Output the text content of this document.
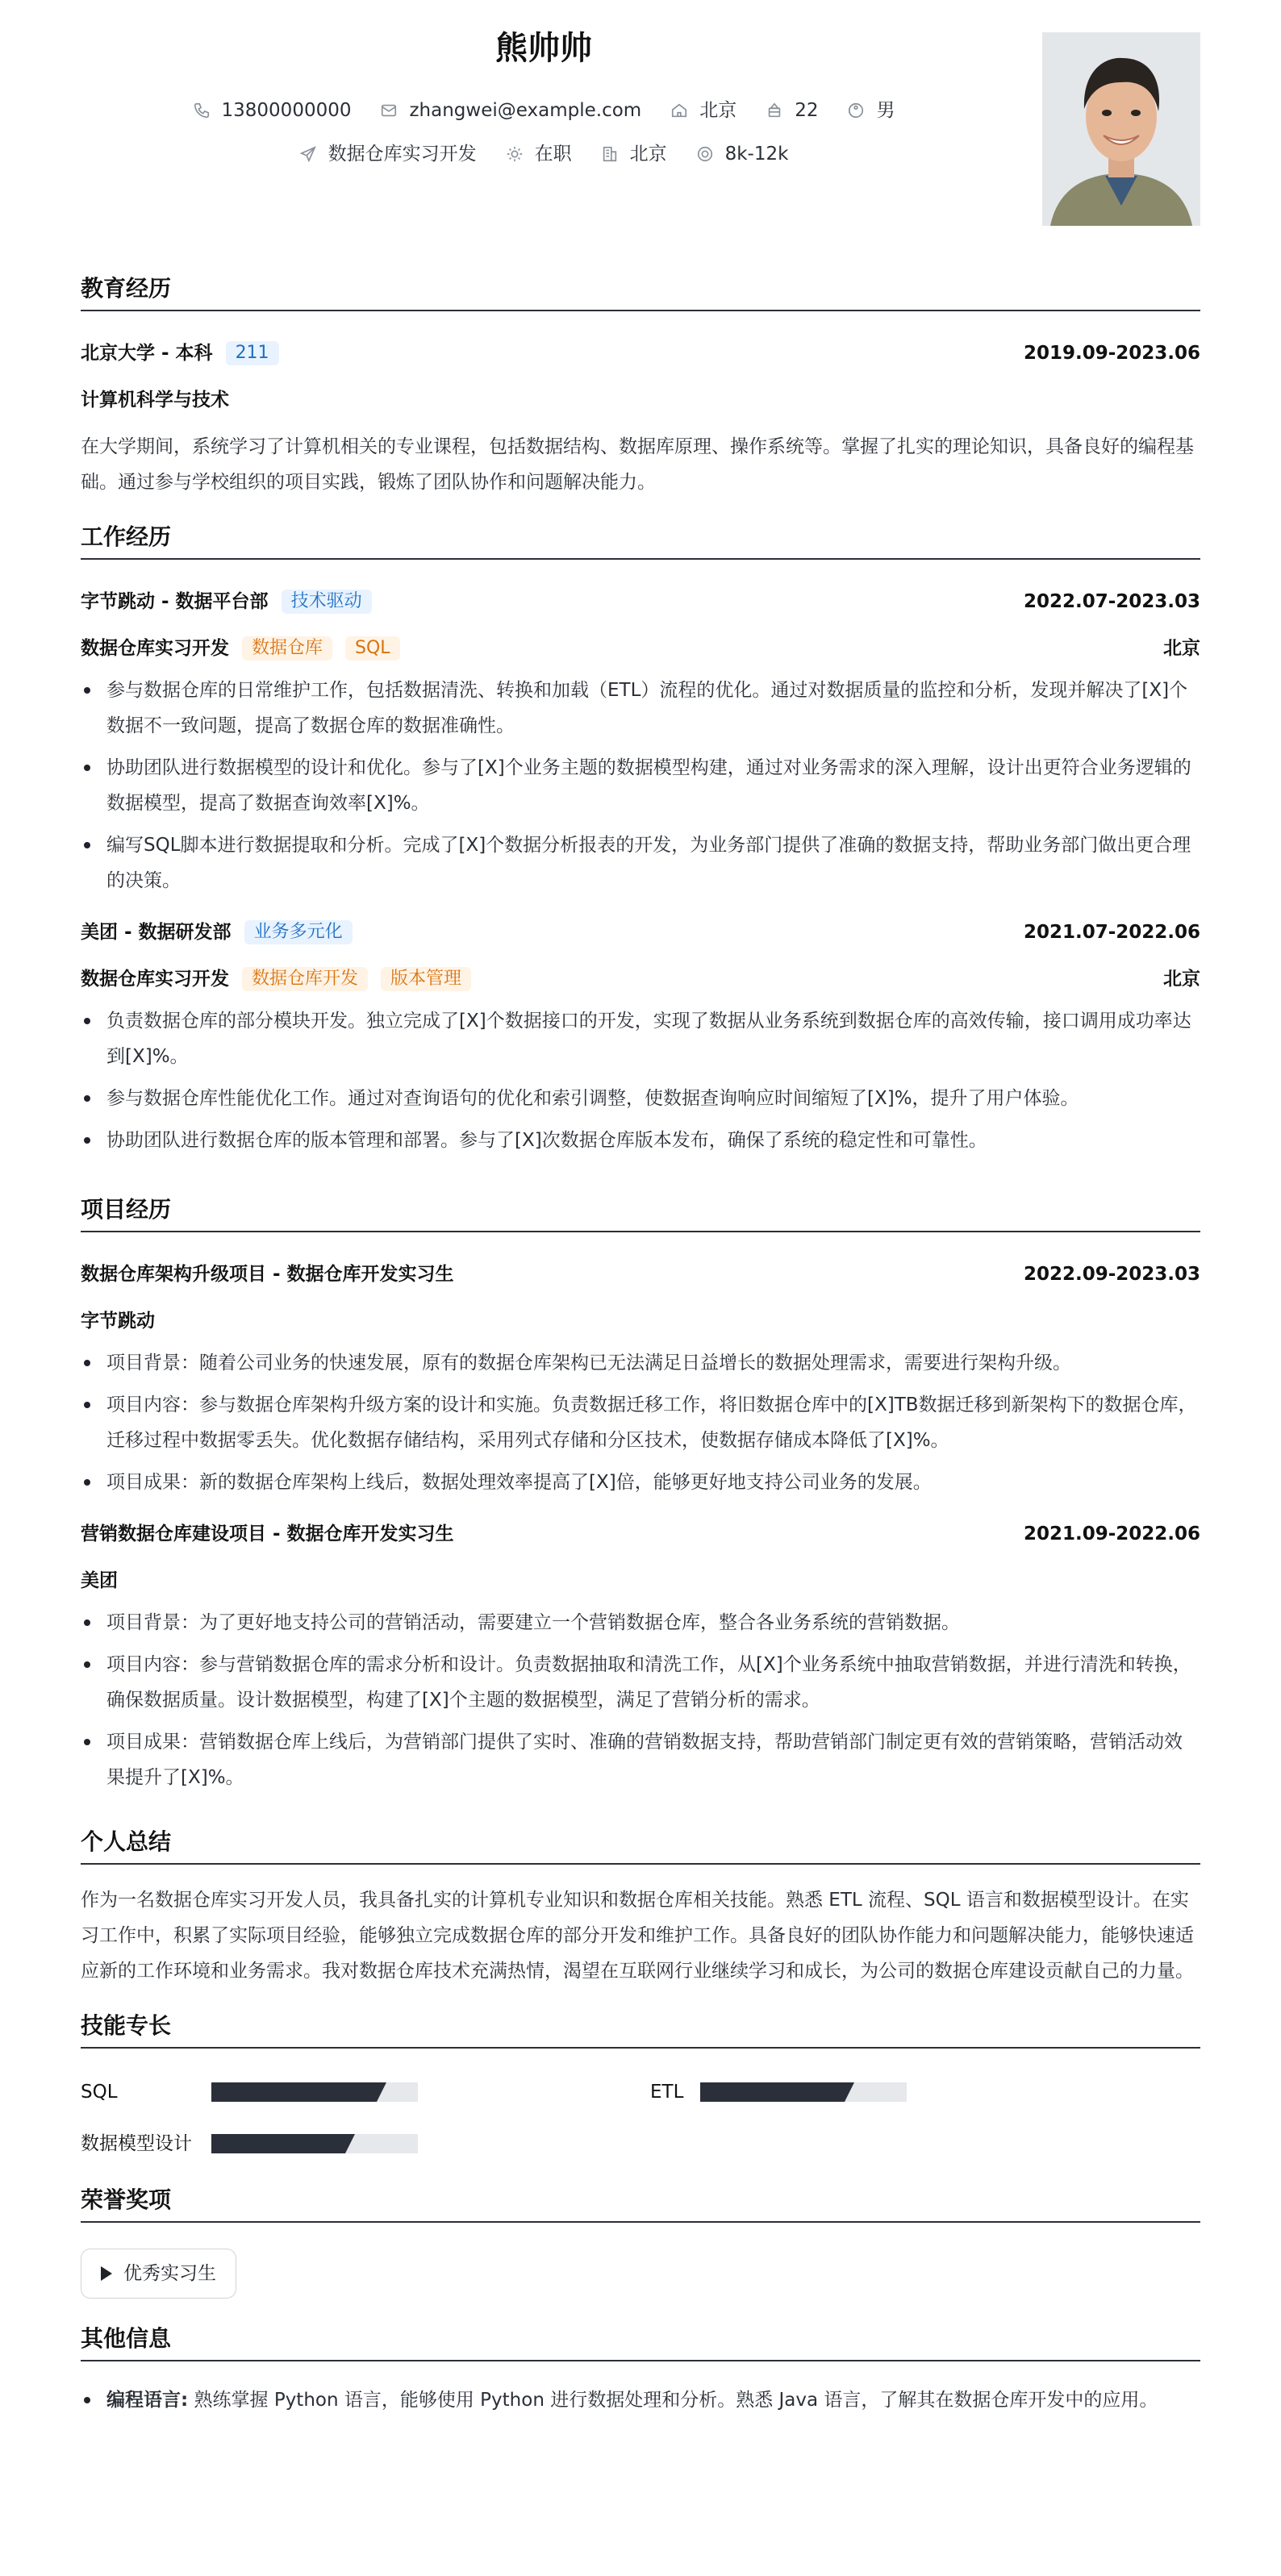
熊帅帅
13800000000	zhangwei@example.com	北京	22	男
数据仓库实习开发	在职	北京	8k-12k
教育经历
北京大学 - 本科	211	2019.09-2023.06
计算机科学与技术
在大学期间，系统学习了计算机相关的专业课程，包括数据结构、数据库原理、操作系统等。掌握了扎实的理论知识，具备良好的编程基础。通过参与学校组织的项目实践，锻炼了团队协作和问题解决能力。
工作经历
字节跳动 - 数据平台部	技术驱动	2022.07-2023.03
数据仓库实习开发	数据仓库	SQL	北京
参与数据仓库的日常维护工作，包括数据清洗、转换和加载（ETL）流程的优化。通过对数据质量的监控和分析，发现并解决了[X]个数据不一致问题，提高了数据仓库的数据准确性。
协助团队进行数据模型的设计和优化。参与了[X]个业务主题的数据模型构建，通过对业务需求的深入理解，设计出更符合业务逻辑的数据模型，提高了数据查询效率[X]%。
编写SQL脚本进行数据提取和分析。完成了[X]个数据分析报表的开发，为业务部门提供了准确的数据支持，帮助业务部门做出更合理的决策。
美团 - 数据研发部	业务多元化	2021.07-2022.06
数据仓库实习开发	数据仓库开发	版本管理	北京
负责数据仓库的部分模块开发。独立完成了[X]个数据接口的开发，实现了数据从业务系统到数据仓库的高效传输，接口调用成功率达到[X]%。
参与数据仓库性能优化工作。通过对查询语句的优化和索引调整，使数据查询响应时间缩短了[X]%，提升了用户体验。
协助团队进行数据仓库的版本管理和部署。参与了[X]次数据仓库版本发布，确保了系统的稳定性和可靠性。
项目经历
数据仓库架构升级项目 - 数据仓库开发实习生	2022.09-2023.03
字节跳动
项目背景：随着公司业务的快速发展，原有的数据仓库架构已无法满足日益增长的数据处理需求，需要进行架构升级。
项目内容：参与数据仓库架构升级方案的设计和实施。负责数据迁移工作，将旧数据仓库中的[X]TB数据迁移到新架构下的数据仓库，迁移过程中数据零丢失。优化数据存储结构，采用列式存储和分区技术，使数据存储成本降低了[X]%。
项目成果：新的数据仓库架构上线后，数据处理效率提高了[X]倍，能够更好地支持公司业务的发展。
营销数据仓库建设项目 - 数据仓库开发实习生	2021.09-2022.06
美团
项目背景：为了更好地支持公司的营销活动，需要建立一个营销数据仓库，整合各业务系统的营销数据。
项目内容：参与营销数据仓库的需求分析和设计。负责数据抽取和清洗工作，从[X]个业务系统中抽取营销数据，并进行清洗和转换，确保数据质量。设计数据模型，构建了[X]个主题的数据模型，满足了营销分析的需求。
项目成果：营销数据仓库上线后，为营销部门提供了实时、准确的营销数据支持，帮助营销部门制定更有效的营销策略，营销活动效果提升了[X]%。
个人总结
作为一名数据仓库实习开发人员，我具备扎实的计算机专业知识和数据仓库相关技能。熟悉 ETL 流程、SQL 语言和数据模型设计。在实习工作中，积累了实际项目经验，能够独立完成数据仓库的部分开发和维护工作。具备良好的团队协作能力和问题解决能力，能够快速适应新的工作环境和业务需求。我对数据仓库技术充满热情，渴望在互联网行业继续学习和成长，为公司的数据仓库建设贡献自己的力量。
技能专长
SQL	ETL
数据模型设计
荣誉奖项
优秀实习生
其他信息
编程语言: 熟练掌握 Python 语言，能够使用 Python 进行数据处理和分析。熟悉 Java 语言，了解其在数据仓库开发中的应用。
